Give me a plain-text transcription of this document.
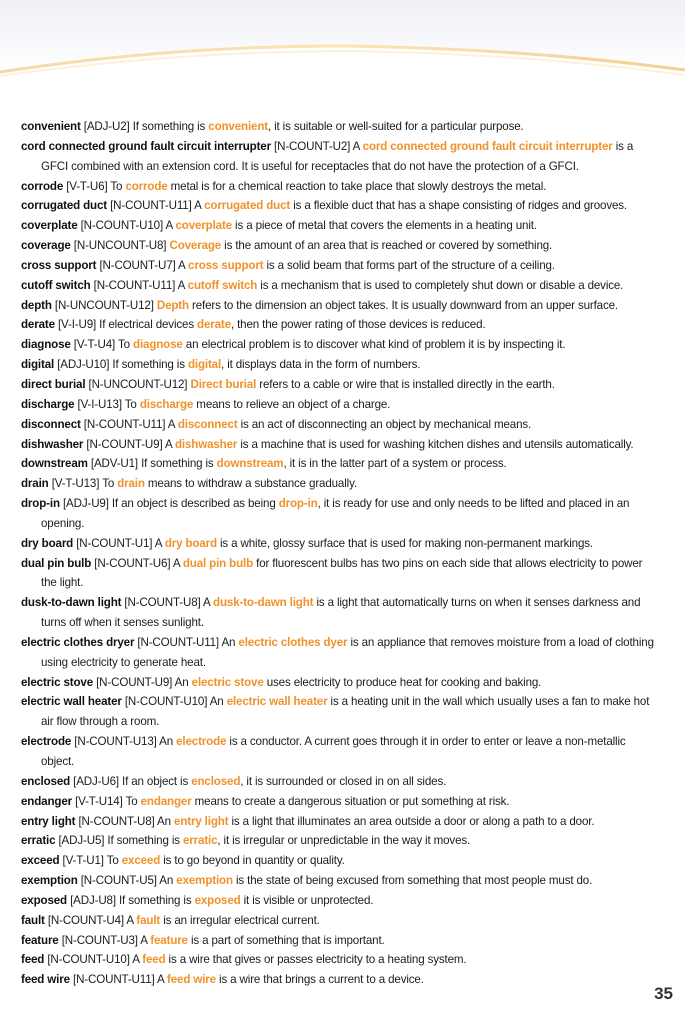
convenient [ADJ-U2] If something is convenient, it is suitable or well-suited for a particular purpose.

cord connected ground fault circuit interrupter [N-COUNT-U2] A cord connected ground fault circuit interrupter is a GFCI combined with an extension cord. It is useful for receptacles that do not have the protection of a GFCI.

corrode [V-T-U6] To corrode metal is for a chemical reaction to take place that slowly destroys the metal.

corrugated duct [N-COUNT-U11] A corrugated duct is a flexible duct that has a shape consisting of ridges and grooves.

coverplate [N-COUNT-U10] A coverplate is a piece of metal that covers the elements in a heating unit.

coverage [N-UNCOUNT-U8] Coverage is the amount of an area that is reached or covered by something.

cross support [N-COUNT-U7] A cross support is a solid beam that forms part of the structure of a ceiling.

cutoff switch [N-COUNT-U11] A cutoff switch is a mechanism that is used to completely shut down or disable a device.

depth [N-UNCOUNT-U12] Depth refers to the dimension an object takes. It is usually downward from an upper surface.

derate [V-I-U9] If electrical devices derate, then the power rating of those devices is reduced.

diagnose [V-T-U4] To diagnose an electrical problem is to discover what kind of problem it is by inspecting it.

digital [ADJ-U10] If something is digital, it displays data in the form of numbers.

direct burial [N-UNCOUNT-U12] Direct burial refers to a cable or wire that is installed directly in the earth.

discharge [V-I-U13] To discharge means to relieve an object of a charge.

disconnect [N-COUNT-U11] A disconnect is an act of disconnecting an object by mechanical means.

dishwasher [N-COUNT-U9] A dishwasher is a machine that is used for washing kitchen dishes and utensils automatically.

downstream [ADV-U1] If something is downstream, it is in the latter part of a system or process.

drain [V-T-U13] To drain means to withdraw a substance gradually.

drop-in [ADJ-U9] If an object is described as being drop-in, it is ready for use and only needs to be lifted and placed in an opening.

dry board [N-COUNT-U1] A dry board is a white, glossy surface that is used for making non-permanent markings.

dual pin bulb [N-COUNT-U6] A dual pin bulb for fluorescent bulbs has two pins on each side that allows electricity to power the light.

dusk-to-dawn light [N-COUNT-U8] A dusk-to-dawn light is a light that automatically turns on when it senses darkness and turns off when it senses sunlight.

electric clothes dryer [N-COUNT-U11] An electric clothes dyer is an appliance that removes moisture from a load of clothing using electricity to generate heat.

electric stove [N-COUNT-U9] An electric stove uses electricity to produce heat for cooking and baking.

electric wall heater [N-COUNT-U10] An electric wall heater is a heating unit in the wall which usually uses a fan to make hot air flow through a room.

electrode [N-COUNT-U13] An electrode is a conductor. A current goes through it in order to enter or leave a non-metallic object.

enclosed [ADJ-U6] If an object is enclosed, it is surrounded or closed in on all sides.

endanger [V-T-U14] To endanger means to create a dangerous situation or put something at risk.

entry light [N-COUNT-U8] An entry light is a light that illuminates an area outside a door or along a path to a door.

erratic [ADJ-U5] If something is erratic, it is irregular or unpredictable in the way it moves.

exceed [V-T-U1] To exceed is to go beyond in quantity or quality.

exemption [N-COUNT-U5] An exemption is the state of being excused from something that most people must do.

exposed [ADJ-U8] If something is exposed it is visible or unprotected.

fault [N-COUNT-U4] A fault is an irregular electrical current.

feature [N-COUNT-U3] A feature is a part of something that is important.

feed [N-COUNT-U10] A feed is a wire that gives or passes electricity to a heating system.

feed wire [N-COUNT-U11] A feed wire is a wire that brings a current to a device.

35
